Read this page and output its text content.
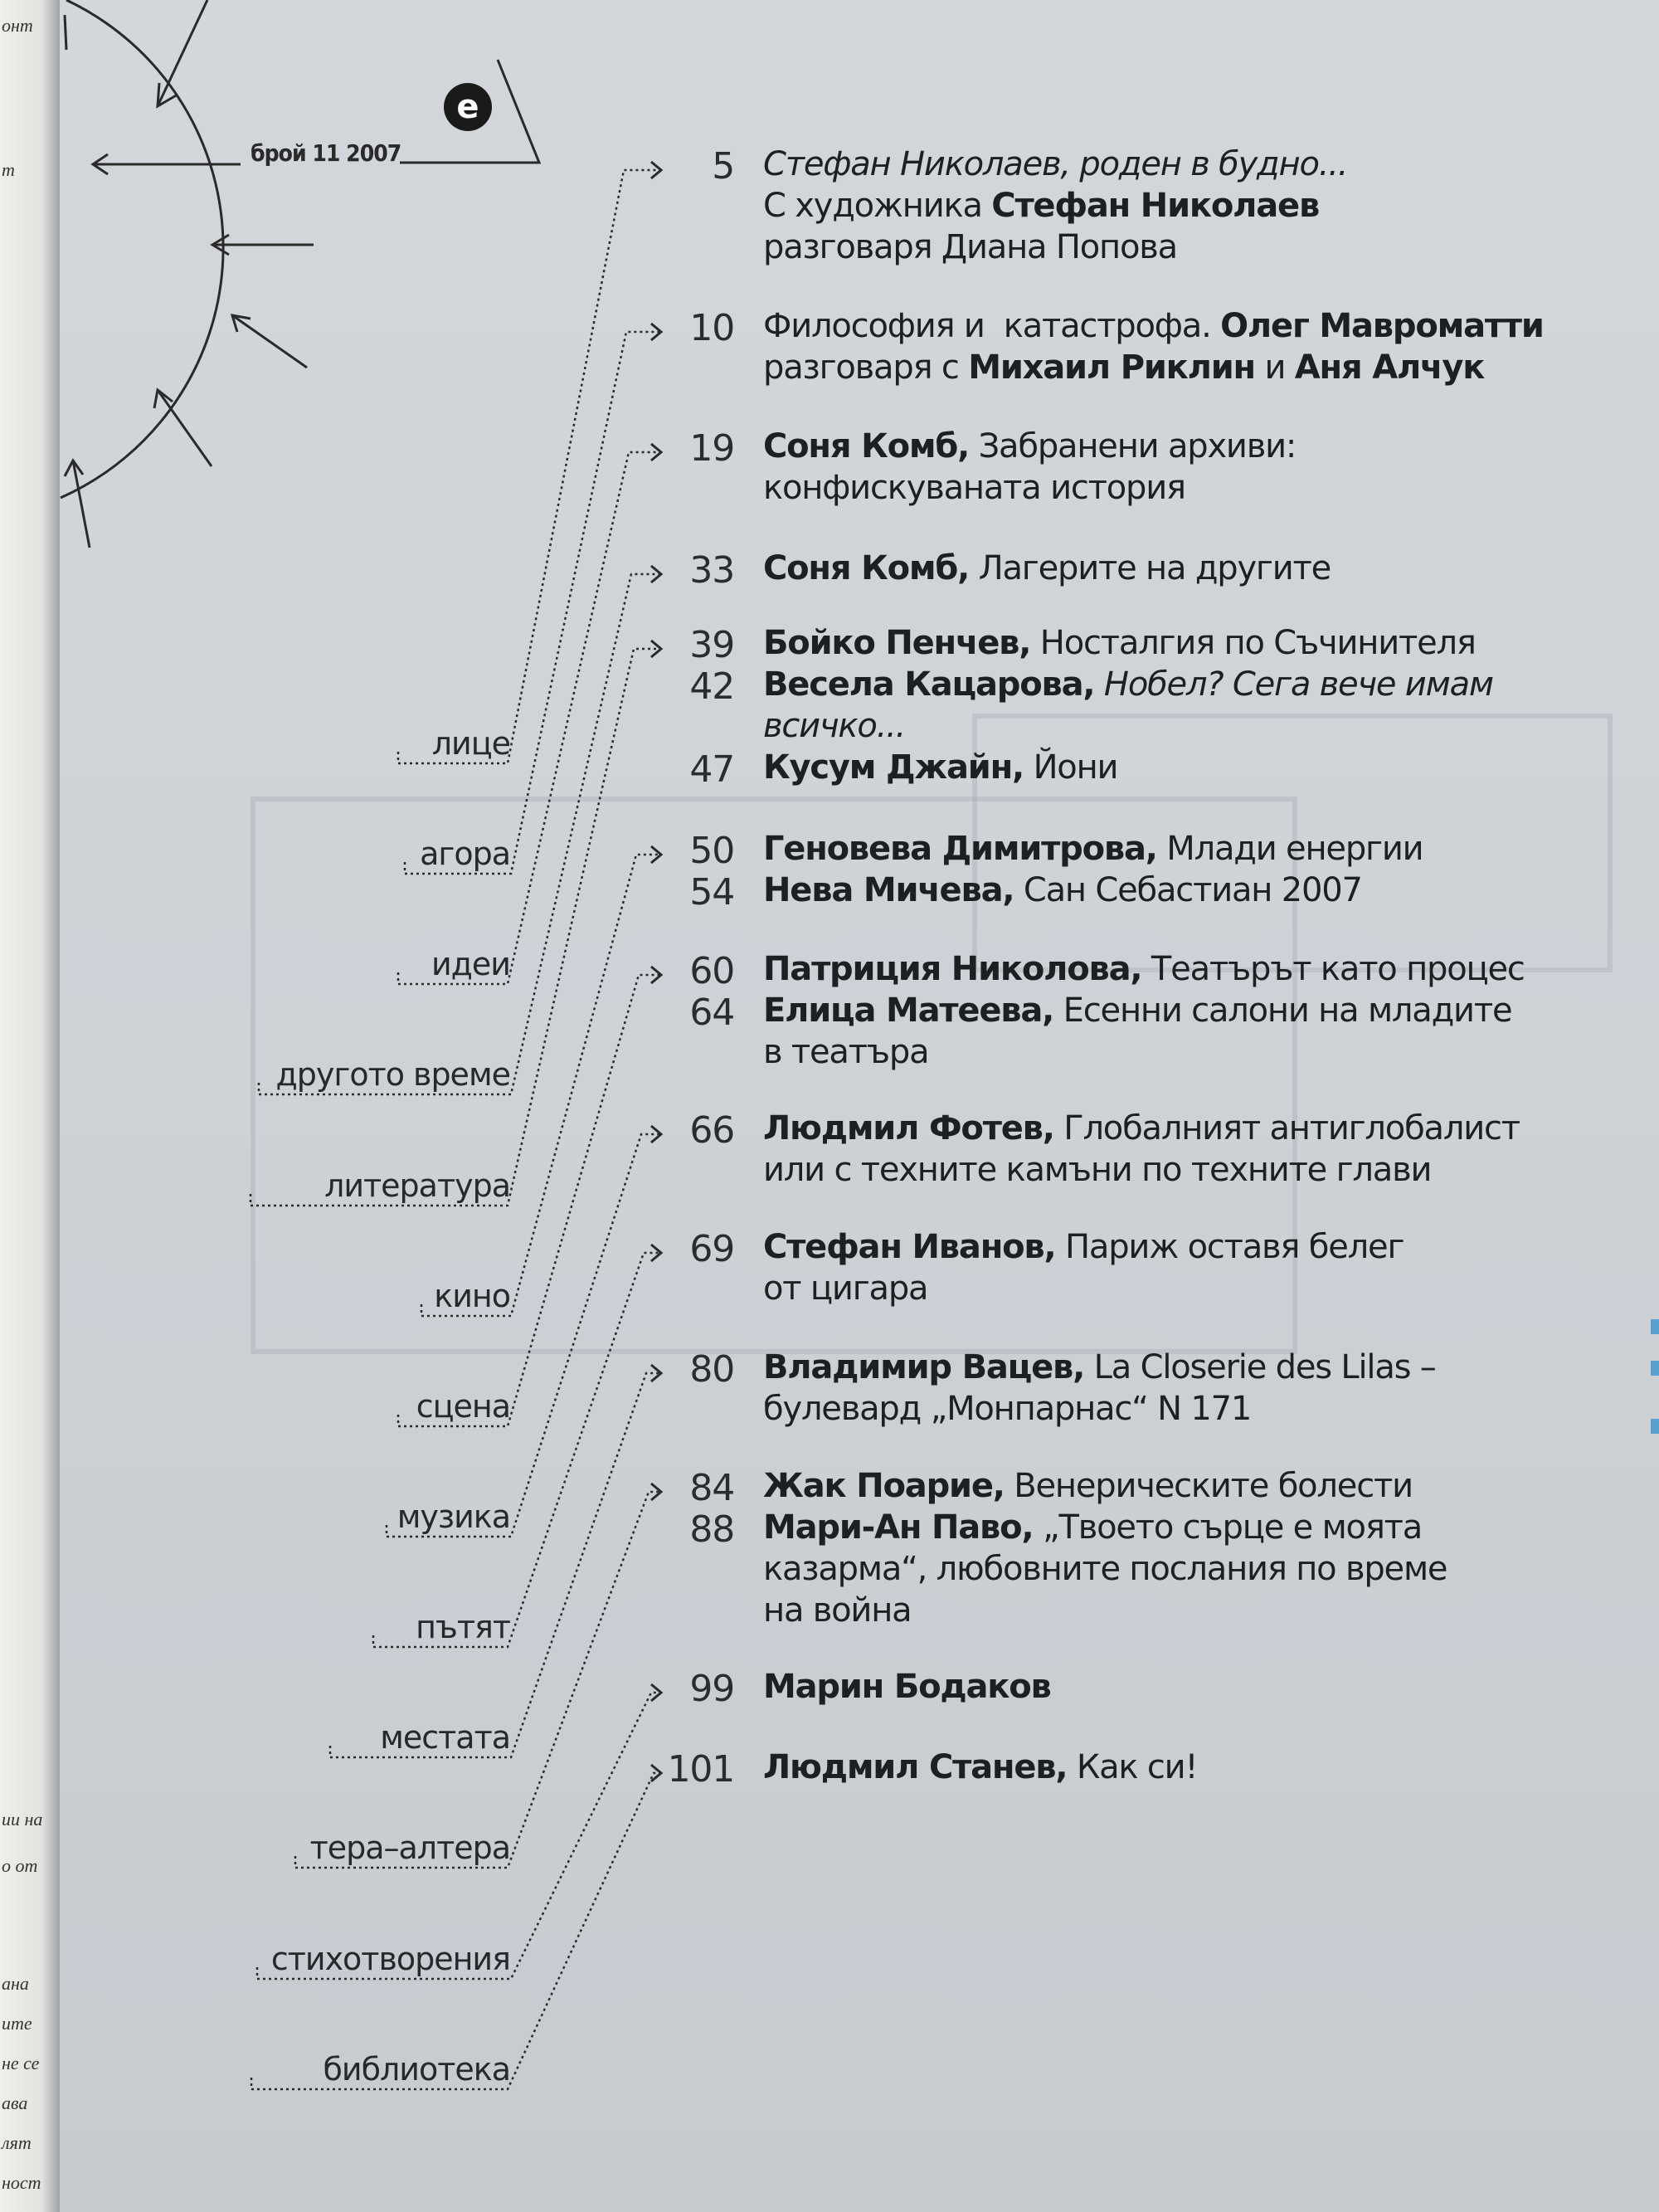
онт
т
ии на
о от
ана
ите
не се
ава
лят
ност
брой 11 2007
е
лице
агора
идеи
другото време
литература
кино
сцена
музика
пътят
местата
тера–алтера
стихотворения
библиотека
5 Стефан Николаев, роден в будно...
С художника Стефан Николаев
разговаря Диана Попова
10 Философия и  катастрофа. Олег Мавроматти
разговаря с Михаил Риклин и Аня Алчук
19 Соня Комб, Забранени архиви:
конфискуваната история
33 Соня Комб, Лагерите на другите
39 Бойко Пенчев, Носталгия по Съчинителя
42 Весела Кацарова, Нобел? Сега вече имам
всичко...
47 Кусум Джайн, Йони
50 Геновева Димитрова, Млади енергии
54 Нева Мичева, Сан Себастиан 2007
60 Патриция Николова, Театърът като процес
64 Елица Матеева, Есенни салони на младите
в театъра
66 Людмил Фотев, Глобалният антиглобалист
или с техните камъни по техните глави
69 Стефан Иванов, Париж оставя белег
от цигара
80 Владимир Вацев, La Closerie des Lilas –
булевард „Монпарнас“ N 171
84 Жак Поарие, Венерическите болести
88 Мари-Ан Паво, „Твоето сърце е моята
казарма“, любовните послания по време
на война
99 Марин Бодаков
101 Людмил Станев, Как си!
